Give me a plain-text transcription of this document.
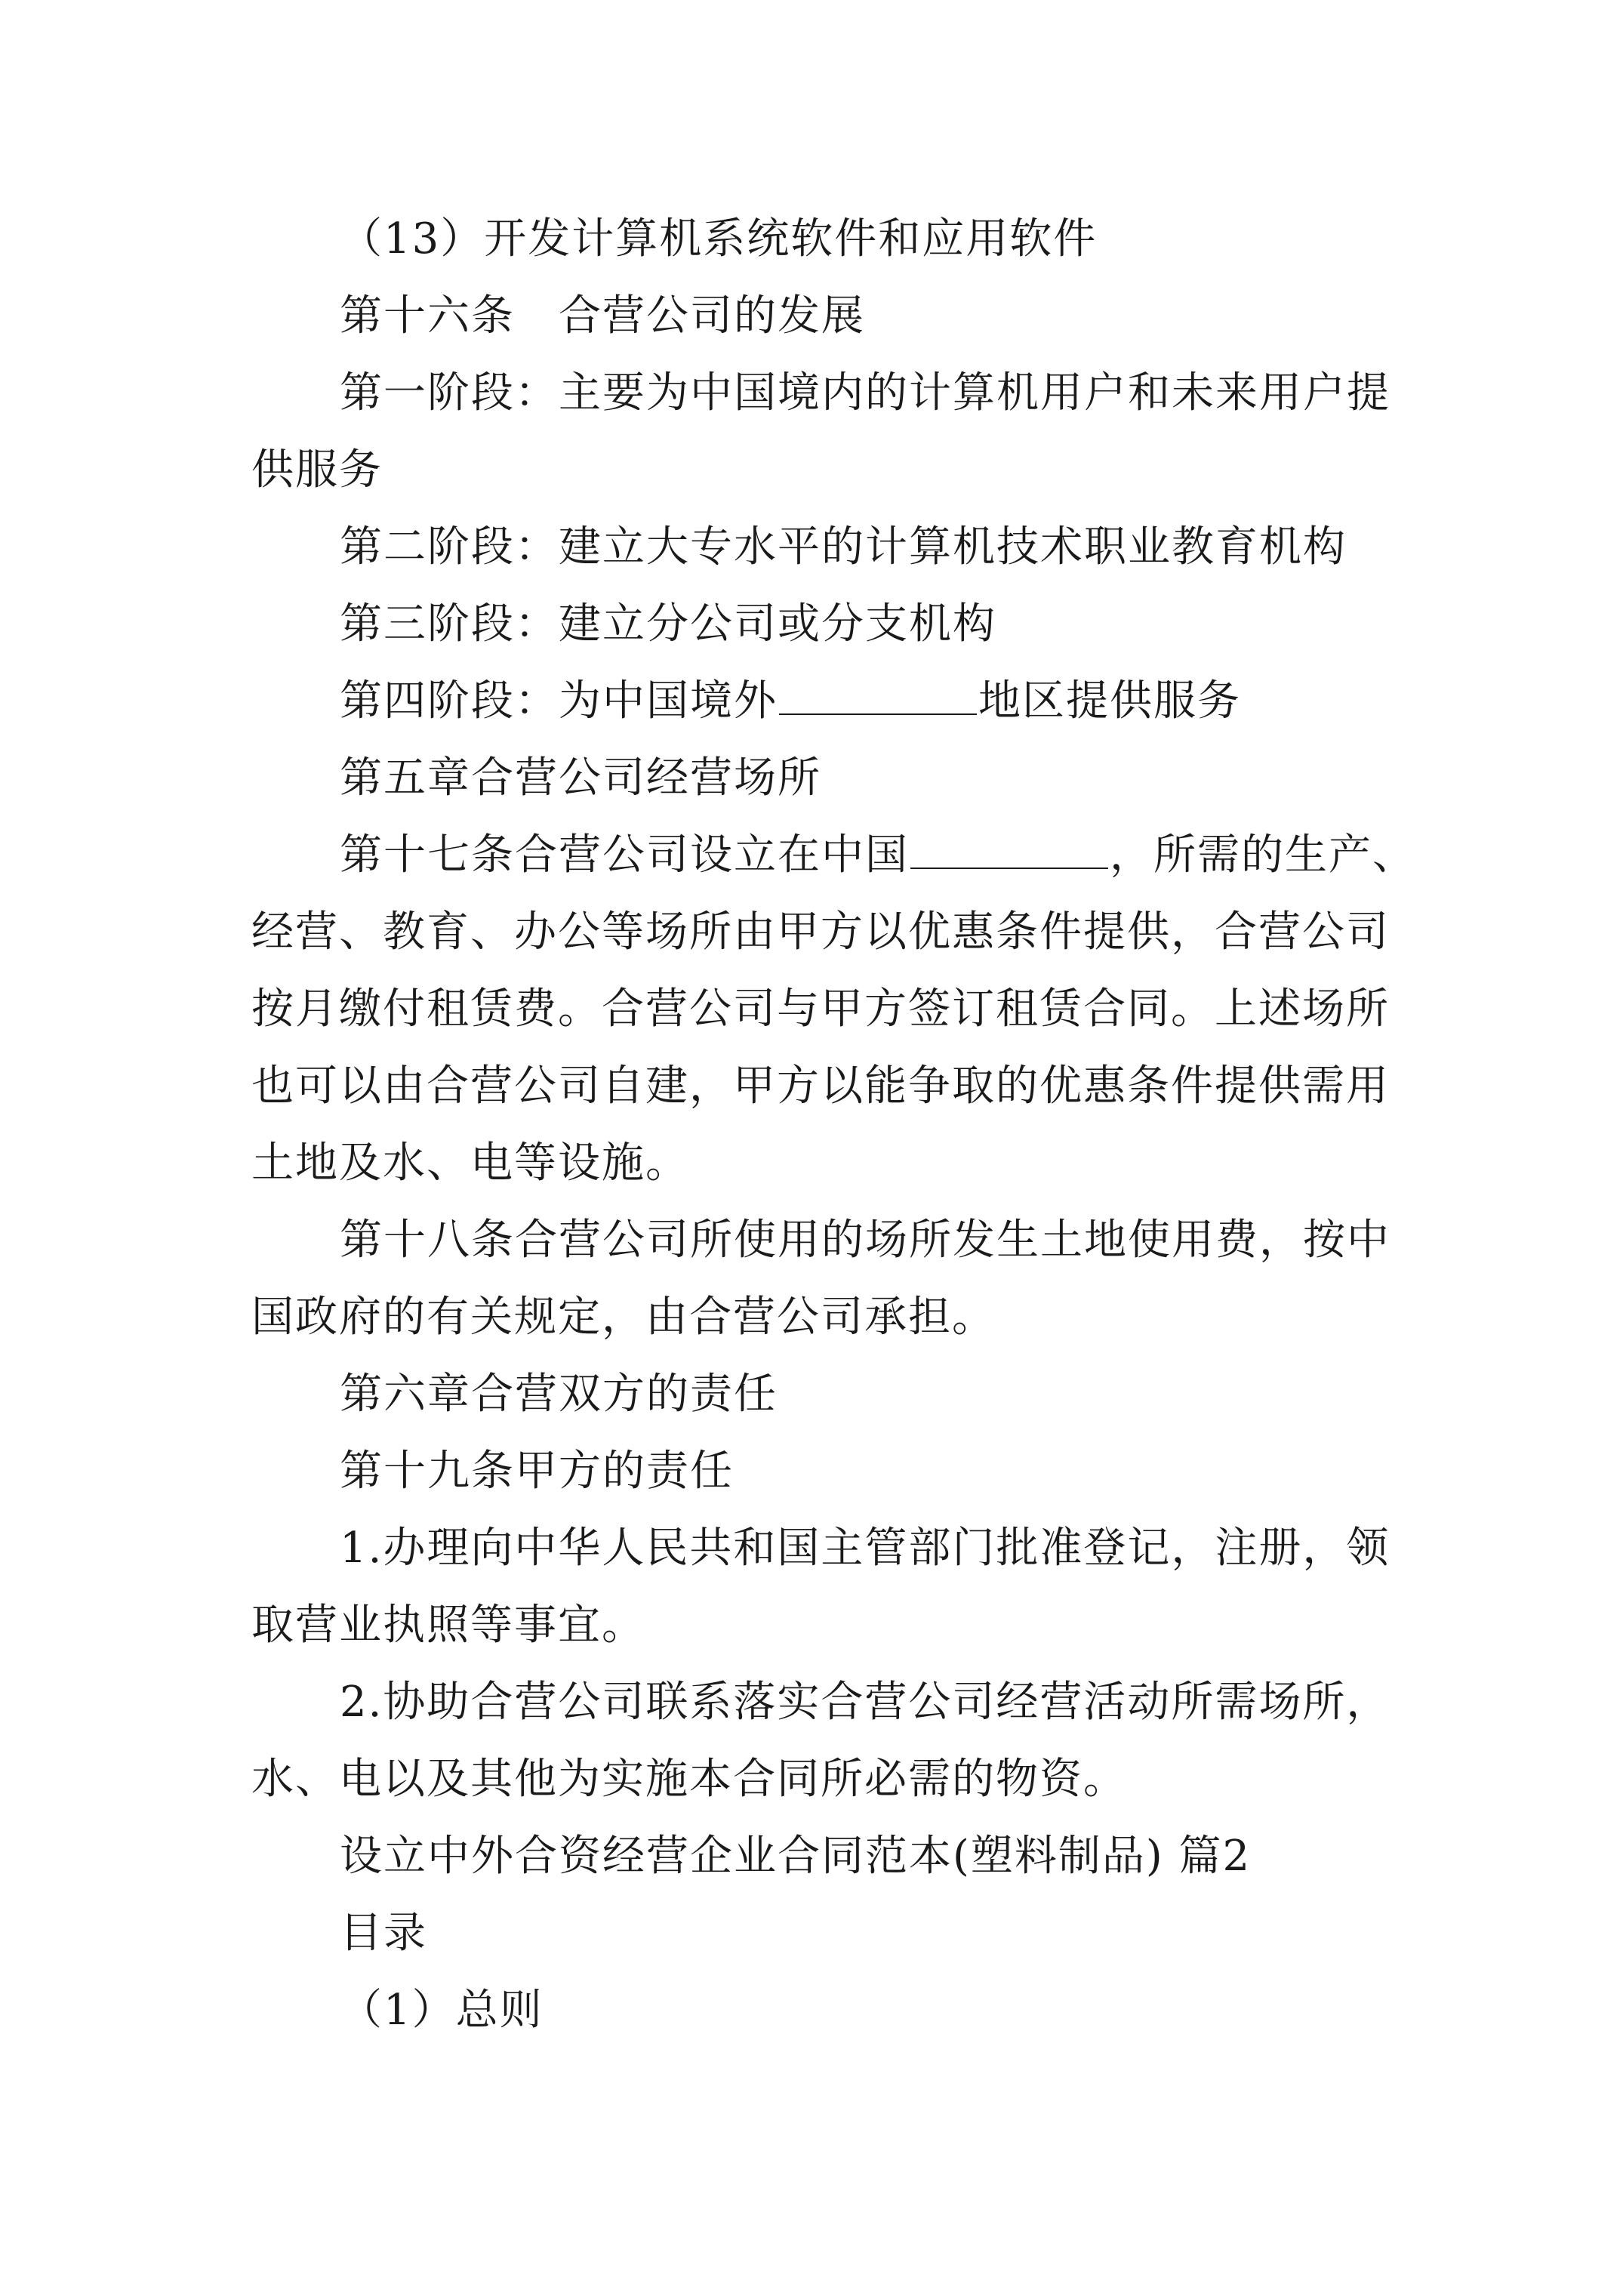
（13）开发计算机系统软件和应用软件

第十六条　合营公司的发展

第一阶段：主要为中国境内的计算机用户和未来用户提

供服务

第二阶段：建立大专水平的计算机技术职业教育机构

第三阶段：建立分公司或分支机构

第四阶段：为中国境外	地区提供服务

第五章合营公司经营场所

第十七条合营公司设立在中国	，所需的生产、

经营、教育、办公等场所由甲方以优惠条件提供，合营公司

按月缴付租赁费。合营公司与甲方签订租赁合同。上述场所

也可以由合营公司自建，甲方以能争取的优惠条件提供需用

土地及水、电等设施。

第十八条合营公司所使用的场所发生土地使用费，按中

国政府的有关规定，由合营公司承担。

第六章合营双方的责任

第十九条甲方的责任

1.办理向中华人民共和国主管部门批准登记，注册，领

取营业执照等事宜。

2.协助合营公司联系落实合营公司经营活动所需场所，

水、电以及其他为实施本合同所必需的物资。

设立中外合资经营企业合同范本(塑料制品) 篇2

目录

（1）总则
